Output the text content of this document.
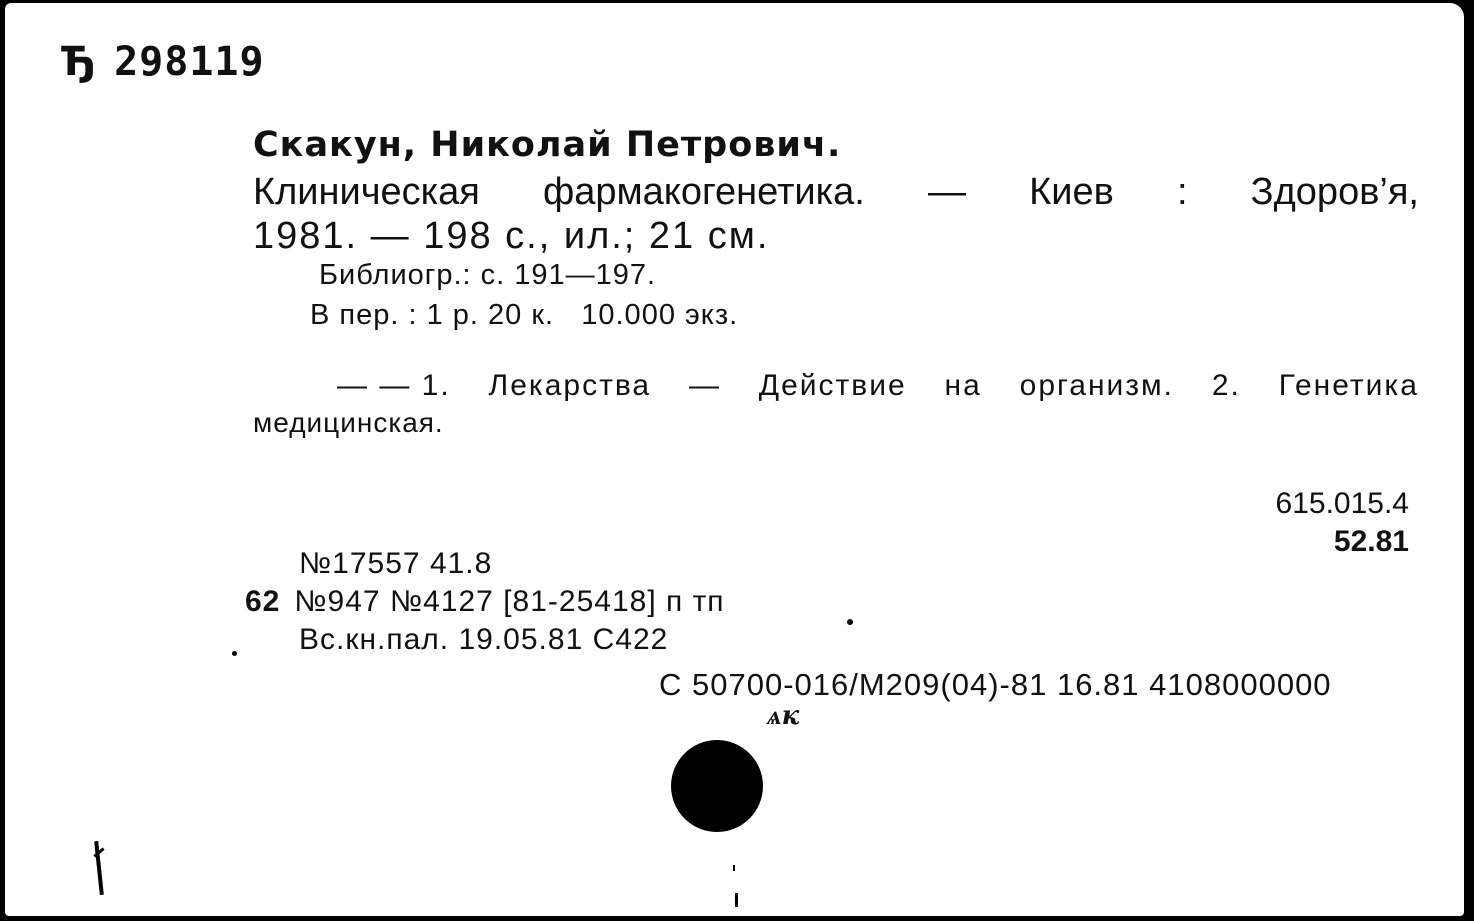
Ђ 298119
Скакун, Николай Петрович.
Клиническая фармакогенетика. — Киев : Здоров’я,
1981. — 198 с., ил.; 21 см.
Библиогр.: с. 191—197.
В пер. : 1 р. 20 к.   10.000 экз.
— — 1. Лекарства — Действие на организм. 2. Генетика
медицинская.
615.015.4
52.81
№17557 41.8
62 №947 №4127 [81-25418] п тп
Вс.кн.пал. 19.05.81 С422
С 50700-016/М209(04)-81 16.81 4108000000
ѧк
